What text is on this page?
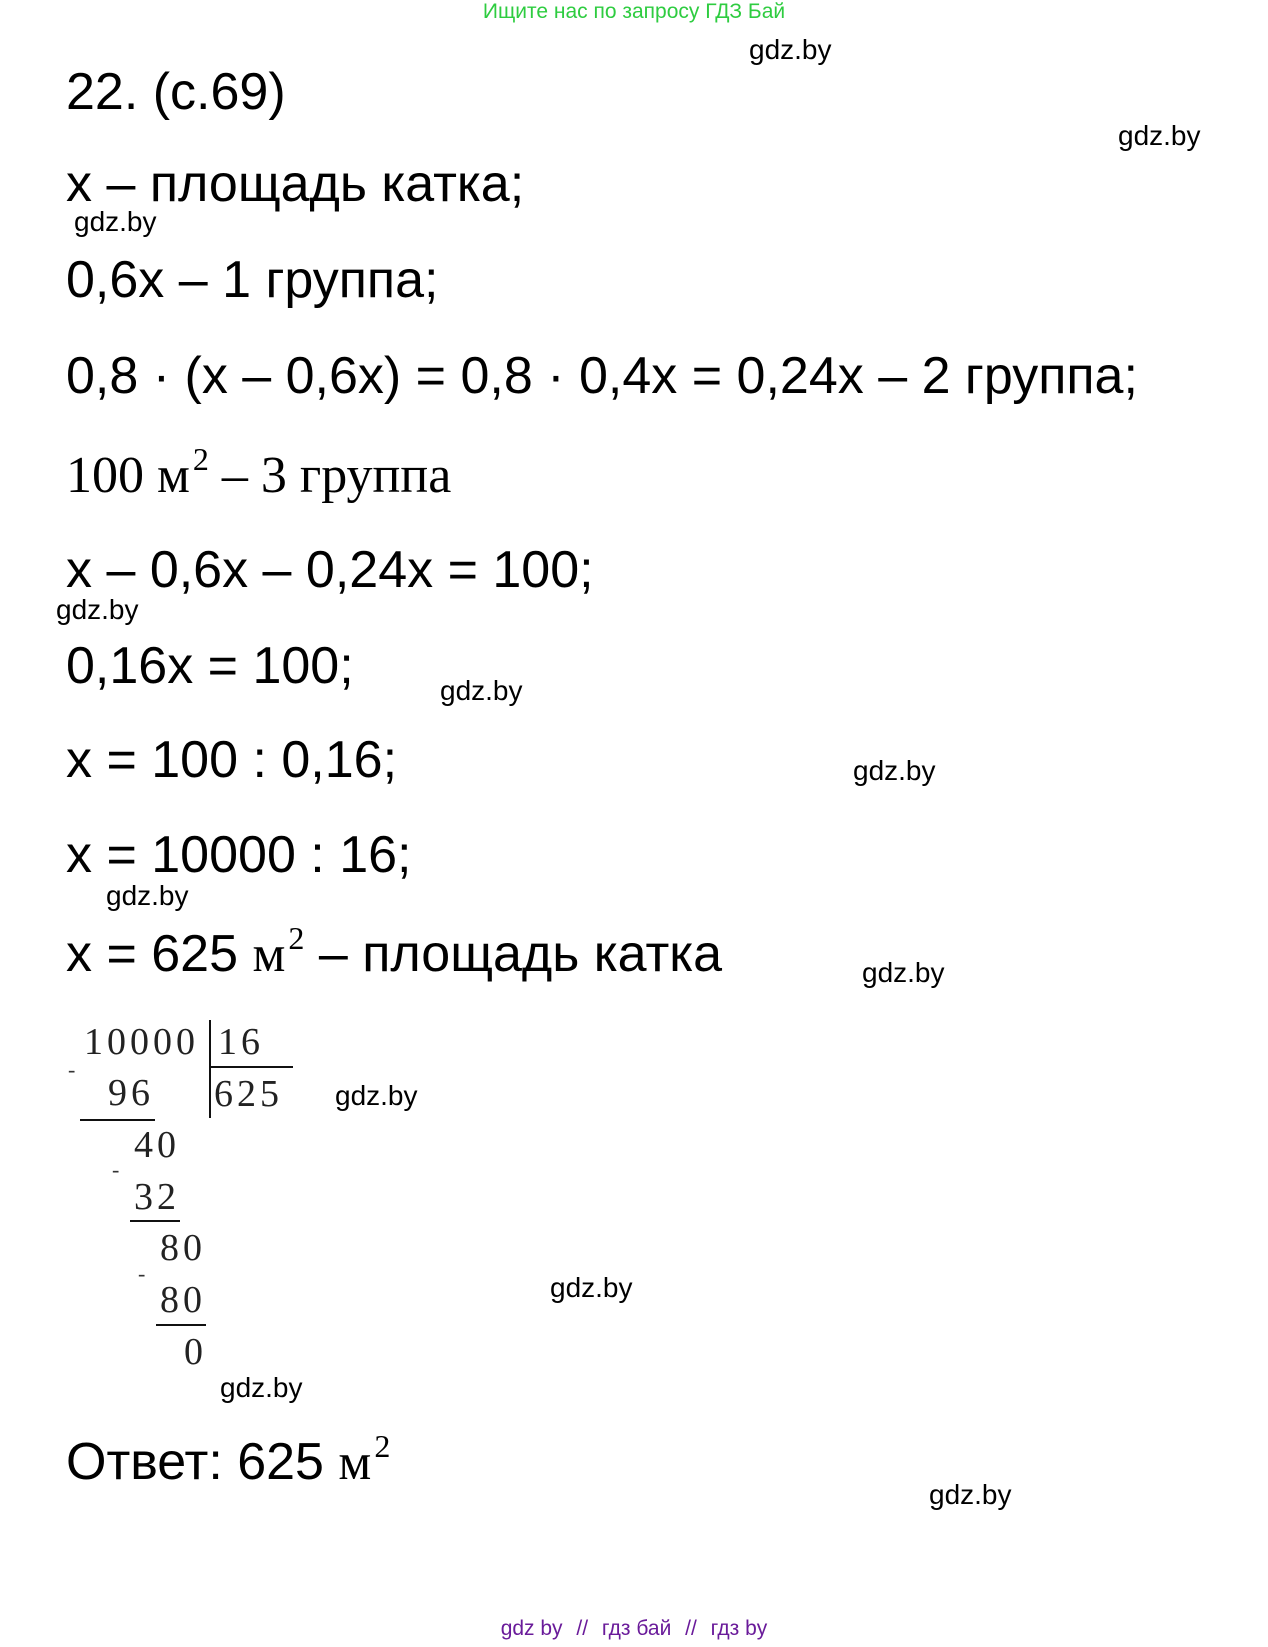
Ищите нас по запросу ГДЗ Бай
gdz.by
gdz.by
gdz.by
gdz.by
gdz.by
gdz.by
gdz.by
gdz.by
gdz.by
gdz.by
gdz.by
gdz.by
22. (с.69)
x – площадь катка;
0,6x – 1 группа;
0,8 · (x – 0,6x) = 0,8 · 0,4x = 0,24x – 2 группа;
100 $м^2 - 3$ группа
x – 0,6x – 0,24x = 100;
0,16x = 100;
x = 100 : 0,16;
x = 10000 : 16;
x = 625 $м^2$ – площадь катка
10000 16
625
-
96
40
-
32
80
-
80
0
Ответ: 625 $м^2$
gdz by // гдз бай // гдз by
